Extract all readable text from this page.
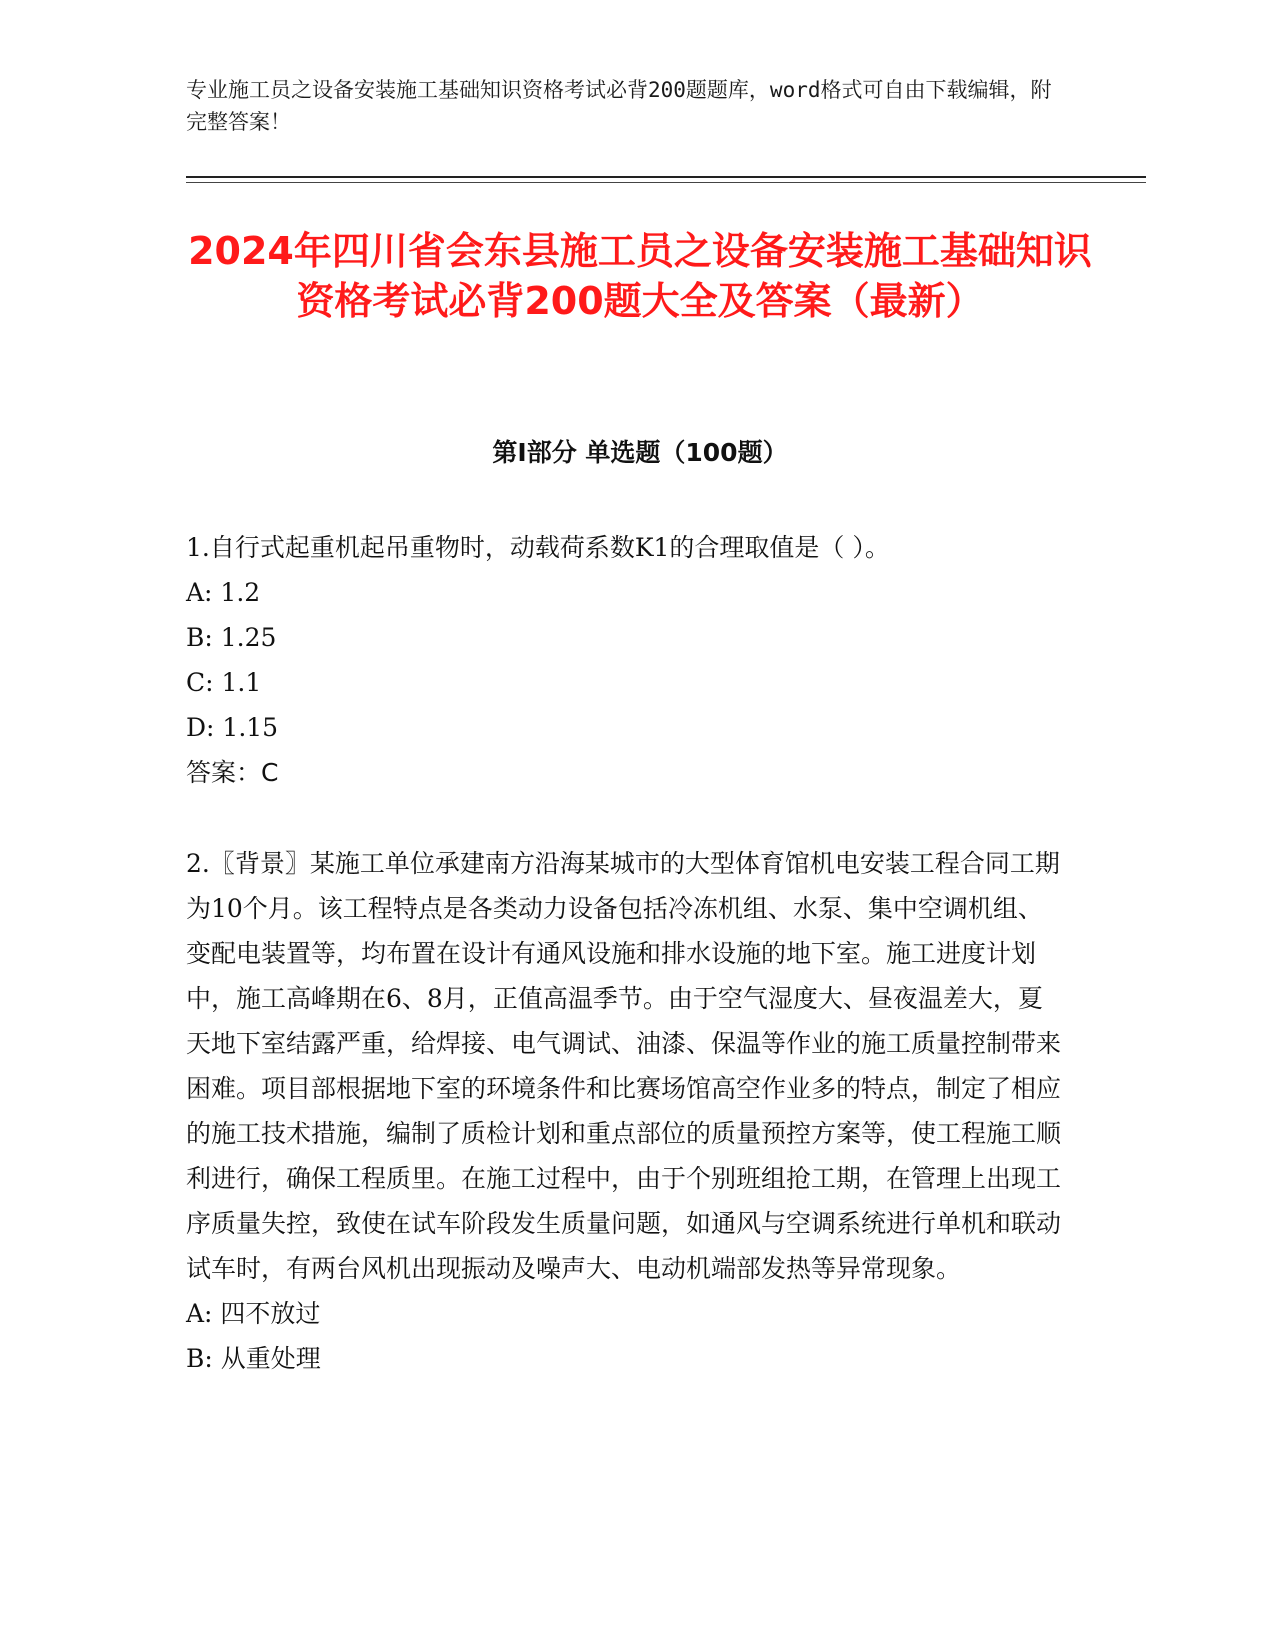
专业施工员之设备安装施工基础知识资格考试必背200题题库，word格式可自由下载编辑，附完整答案！

2024年四川省会东县施工员之设备安装施工基础知识资格考试必背200题大全及答案（最新）
第Ⅰ部分 单选题（100题）

1.自行式起重机起吊重物时，动载荷系数K1的合理取值是（ ）。

A: 1.2

B: 1.25

C: 1.1

D: 1.15

答案：C

2.〖背景〗某施工单位承建南方沿海某城市的大型体育馆机电安装工程合同工期为10个月。该工程特点是各类动力设备包括冷冻机组、水泵、集中空调机组、变配电装置等，均布置在设计有通风设施和排水设施的地下室。施工进度计划中，施工高峰期在6、8月，正值高温季节。由于空气湿度大、昼夜温差大，夏天地下室结露严重，给焊接、电气调试、油漆、保温等作业的施工质量控制带来困难。项目部根据地下室的环境条件和比赛场馆高空作业多的特点，制定了相应的施工技术措施，编制了质检计划和重点部位的质量预控方案等，使工程施工顺利进行，确保工程质里。在施工过程中，由于个别班组抢工期，在管理上出现工序质量失控，致使在试车阶段发生质量问题，如通风与空调系统进行单机和联动试车时，有两台风机出现振动及噪声大、电动机端部发热等异常现象。

A: 四不放过

B: 从重处理
